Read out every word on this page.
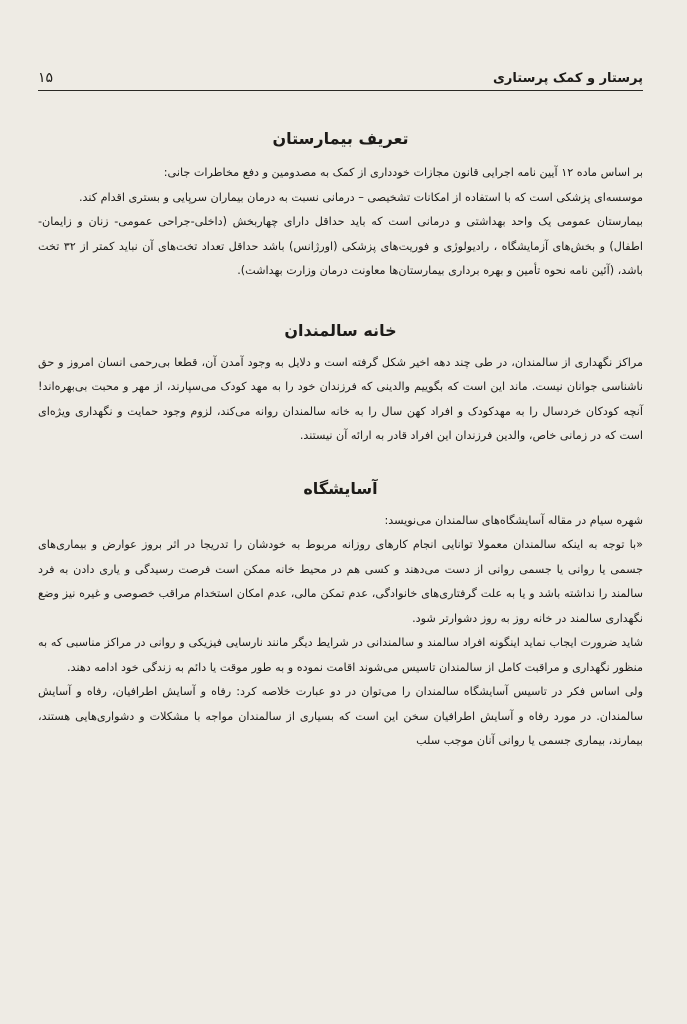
پرستار و کمک پرستاری
۱۵
تعریف بیمارستان

بر اساس ماده ۱۲ آیین نامه اجرایی قانون مجازات خودداری از کمک به مصدومین و دفع مخاطرات جانی:

موسسه‌ای پزشکی است که با استفاده از امکانات تشخیصی – درمانی نسبت به درمان بیماران سرپایی و بستری اقدام کند.

بیمارستان عمومی یک واحد بهداشتی و درمانی است که باید حداقل دارای چهاربخش (داخلی-جراحی عمومی- زنان و زایمان- اطفال) و بخش‌های آزمایشگاه ، رادیولوژی و فوریت‌های پزشکی (اورژانس) باشد حداقل تعداد تخت‌های آن نباید کمتر از ۳۲ تخت باشد، (آئین نامه نحوه تأمین و بهره برداری بیمارستان‌ها معاونت درمان وزارت بهداشت).

خانه سالمندان

مراکز نگهداری از سالمندان، در طی چند دهه اخیر شکل گرفته است و دلایل به وجود آمدن آن، قطعا بی‌رحمی انسان امروز و حق ناشناسی جوانان نیست. ماند این است که بگوییم والدینی که فرزندان خود را به مهد کودک می‌سپارند، از مهر و محبت بی‌بهره‌اند! آنچه کودکان خردسال را به مهدکودک و افراد کهن سال را به خانه سالمندان روانه می‌کند، لزوم وجود حمایت و نگهداری ویژه‌ای است که در زمانی خاص، والدین فرزندان این افراد قادر به ارائه آن نیستند.

آسایشگاه

شهره سیام در مقاله آسایشگاه‌های سالمندان می‌نویسد:

«با توجه به اینکه سالمندان معمولا توانایی انجام کارهای روزانه مربوط به خودشان را تدریجا در اثر بروز عوارض و بیماری‌های جسمی یا روانی یا جسمی روانی از دست می‌دهند و کسی هم در محیط خانه ممکن است فرصت رسیدگی و یاری دادن به فرد سالمند را نداشته باشد و یا به علت گرفتاری‌های خانوادگی، عدم تمکن مالی، عدم امکان استخدام مراقب خصوصی و غیره نیز وضع نگهداری سالمند در خانه روز به روز دشوارتر شود.

شاید ضرورت ایجاب نماید اینگونه افراد سالمند و سالمندانی در شرایط دیگر مانند نارسایی فیزیکی و روانی در مراکز مناسبی که به منظور نگهداری و مراقبت کامل از سالمندان تاسیس می‌شوند اقامت نموده و به طور موقت یا دائم به زندگی خود ادامه دهند.

ولی اساس فکر در تاسیس آسایشگاه سالمندان را می‌توان در دو عبارت خلاصه کرد: رفاه و آسایش اطرافیان، رفاه و آسایش سالمندان. در مورد رفاه و آسایش اطرافیان سخن این است که بسیاری از سالمندان مواجه با مشکلات و دشواری‌هایی هستند، بیمارند، بیماری جسمی یا روانی آنان موجب سلب
